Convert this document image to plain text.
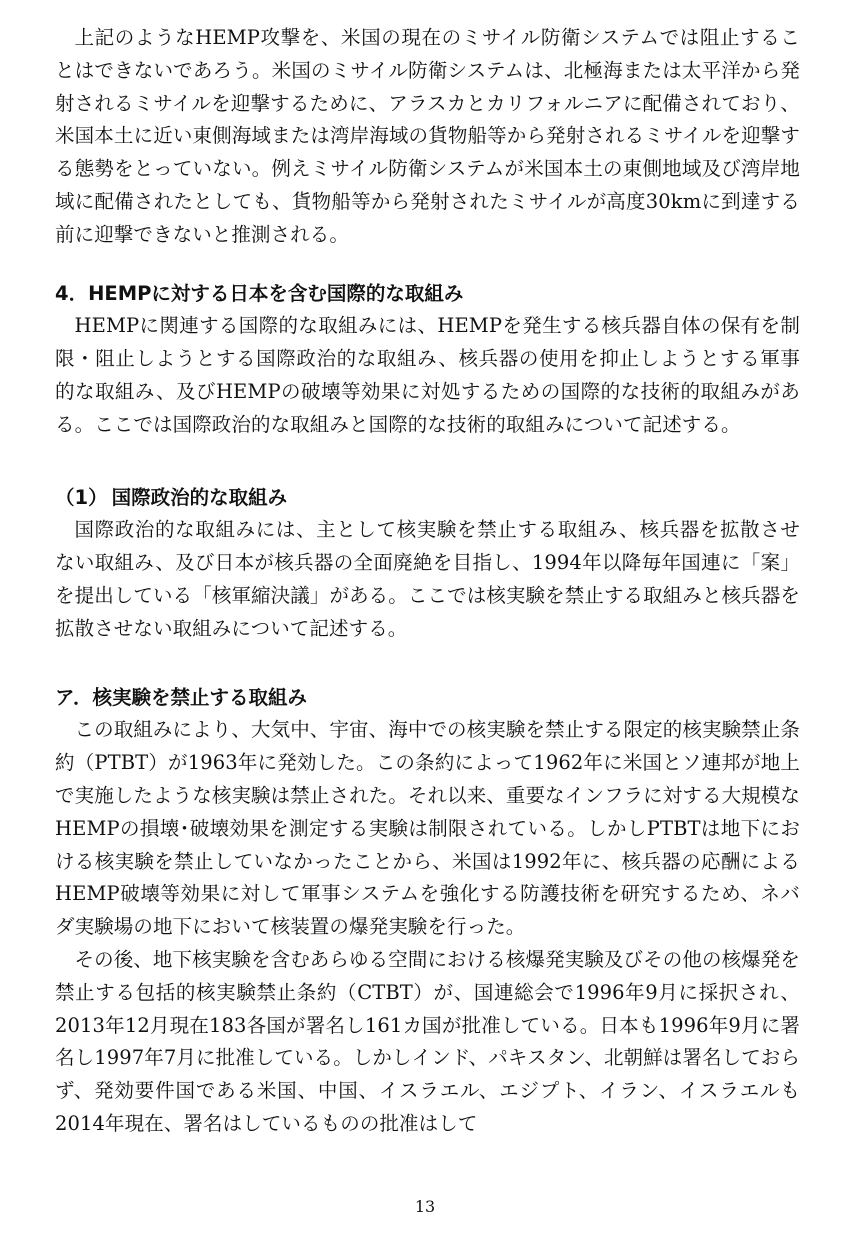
上記のようなHEMP攻撃を、米国の現在のミサイル防衛システムでは阻止することはできないであろう。米国のミサイル防衛システムは、北極海または太平洋から発射されるミサイルを迎撃するために、アラスカとカリフォルニアに配備されており、米国本土に近い東側海域または湾岸海域の貨物船等から発射されるミサイルを迎撃する態勢をとっていない。例えミサイル防衛システムが米国本土の東側地域及び湾岸地域に配備されたとしても、貨物船等から発射されたミサイルが高度30kmに到達する前に迎撃できないと推測される。

4．HEMPに対する日本を含む国際的な取組み

HEMPに関連する国際的な取組みには、HEMPを発生する核兵器自体の保有を制限・阻止しようとする国際政治的な取組み、核兵器の使用を抑止しようとする軍事的な取組み、及びHEMPの破壊等効果に対処するための国際的な技術的取組みがある。ここでは国際政治的な取組みと国際的な技術的取組みについて記述する。

（1） 国際政治的な取組み

国際政治的な取組みには、主として核実験を禁止する取組み、核兵器を拡散させない取組み、及び日本が核兵器の全面廃絶を目指し、1994年以降毎年国連に「案」を提出している「核軍縮決議」がある。ここでは核実験を禁止する取組みと核兵器を拡散させない取組みについて記述する。

ア．核実験を禁止する取組み

この取組みにより、大気中、宇宙、海中での核実験を禁止する限定的核実験禁止条約（PTBT）が1963年に発効した。この条約によって1962年に米国とソ連邦が地上で実施したような核実験は禁止された。それ以来、重要なインフラに対する大規模なHEMPの損壊･破壊効果を測定する実験は制限されている。しかしPTBTは地下における核実験を禁止していなかったことから、米国は1992年に、核兵器の応酬によるHEMP破壊等効果に対して軍事システムを強化する防護技術を研究するため、ネバダ実験場の地下において核装置の爆発実験を行った。

その後、地下核実験を含むあらゆる空間における核爆発実験及びその他の核爆発を禁止する包括的核実験禁止条約（CTBT）が、国連総会で1996年9月に採択され、2013年12月現在183各国が署名し161カ国が批准している。日本も1996年9月に署名し1997年7月に批准している。しかしインド、パキスタン、北朝鮮は署名しておらず、発効要件国である米国、中国、イスラエル、エジプト、イラン、イスラエルも2014年現在、署名はしているものの批准はして

13
